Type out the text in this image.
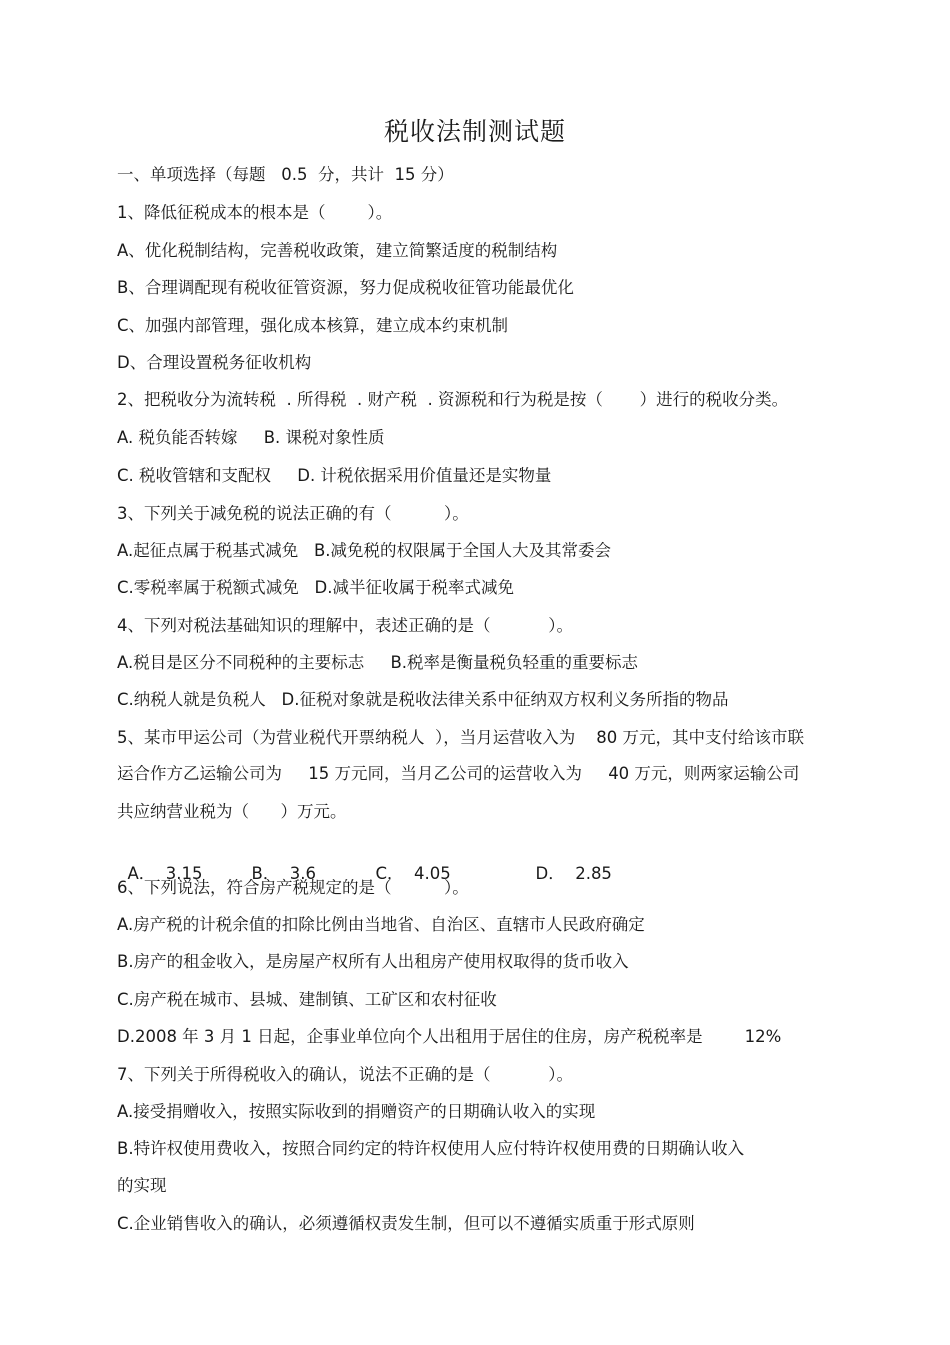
税收法制测试题
一、单项选择（每题   0.5  分，共计  15 分）
1、降低征税成本的根本是（        ）。
A、优化税制结构，完善税收政策，建立简繁适度的税制结构
B、合理调配现有税收征管资源，努力促成税收征管功能最优化
C、加强内部管理，强化成本核算，建立成本约束机制
D、合理设置税务征收机构
2、把税收分为流转税  . 所得税  . 财产税  . 资源税和行为税是按（       ）进行的税收分类。
A. 税负能否转嫁     B. 课税对象性质
C. 税收管辖和支配权     D. 计税依据采用价值量还是实物量
3、下列关于减免税的说法正确的有（          ）。
A.起征点属于税基式减免   B.减免税的权限属于全国人大及其常委会
C.零税率属于税额式减免   D.减半征收属于税率式减免
4、下列对税法基础知识的理解中，表述正确的是（           ）。
A.税目是区分不同税种的主要标志     B.税率是衡量税负轻重的重要标志
C.纳税人就是负税人   D.征税对象就是税收法律关系中征纳双方权利义务所指的物品
5、某市甲运公司（为营业税代开票纳税人  ），当月运营收入为    80 万元，其中支付给该市联
运合作方乙运输公司为     15 万元同，当月乙公司的运营收入为     40 万元，则两家运输公司
共应纳营业税为（      ）万元。

A．  3.15	B．  3.6	C．  4.05	D．  2.85

6、下列说法，符合房产税规定的是（          ）。
A.房产税的计税余值的扣除比例由当地省、自治区、直辖市人民政府确定
B.房产的租金收入，是房屋产权所有人出租房产使用权取得的货币收入
C.房产税在城市、县城、建制镇、工矿区和农村征收
D.2008 年 3 月 1 日起，企事业单位向个人出租用于居住的住房，房产税税率是        12%
7、下列关于所得税收入的确认，说法不正确的是（           ）。
A.接受捐赠收入，按照实际收到的捐赠资产的日期确认收入的实现
B.特许权使用费收入，按照合同约定的特许权使用人应付特许权使用费的日期确认收入
的实现
C.企业销售收入的确认，必须遵循权责发生制，但可以不遵循实质重于形式原则
